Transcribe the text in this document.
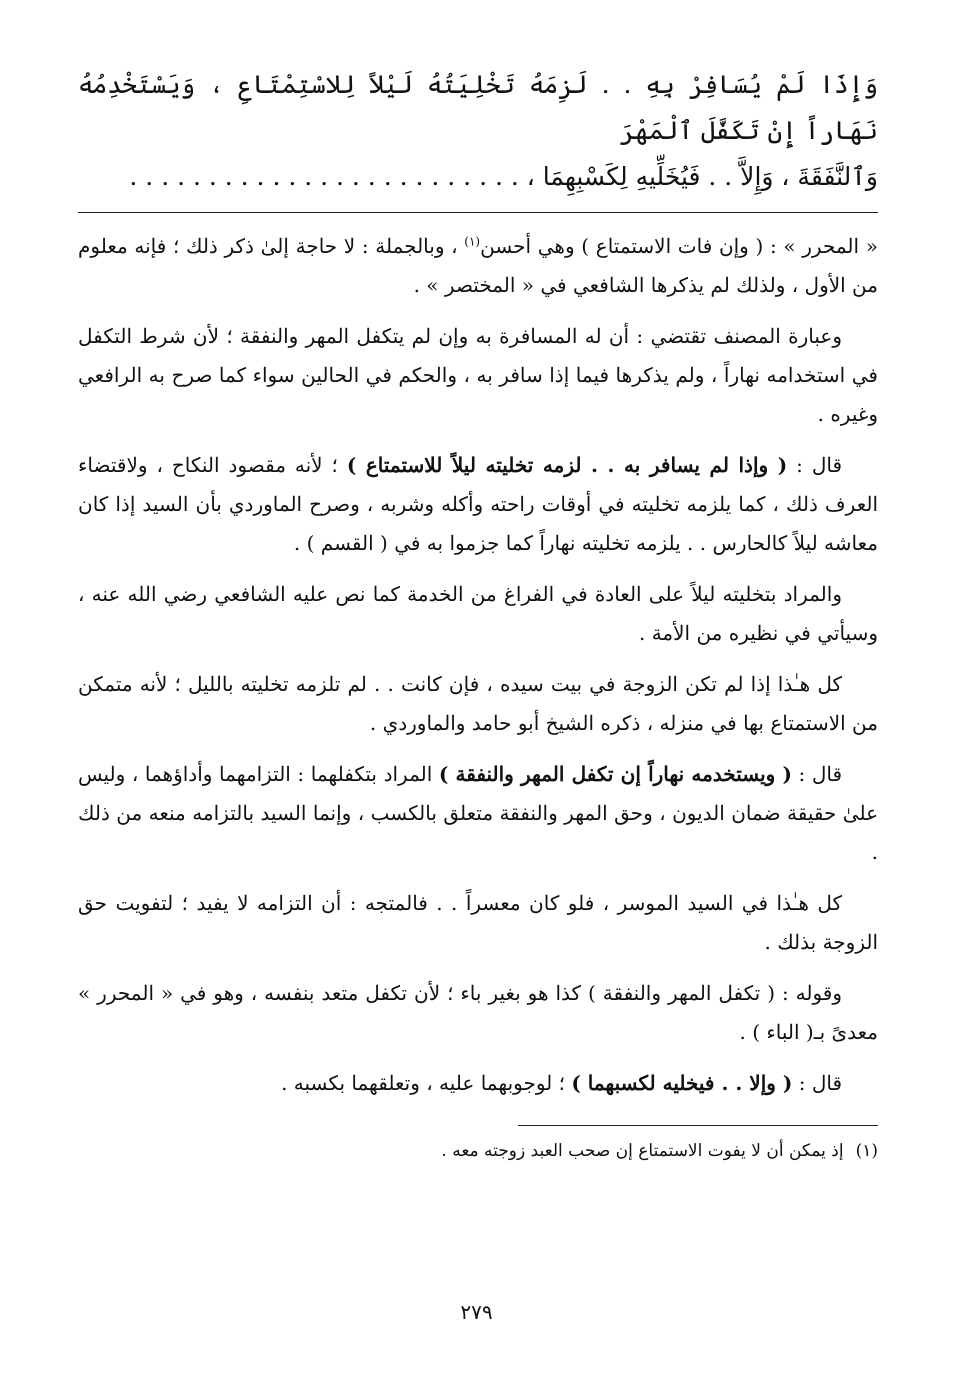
وَإِذَا لَمْ يُسَافِرْ بِهِ . . لَزِمَهُ تَخْلِيَتُهُ لَيْلاً لِلاسْتِمْتَاعِ ، وَيَسْتَخْدِمُهُ نَهَاراً إِنْ تَكَفَّلَ ٱلْمَهْرَ
وَٱلنَّفَقَةَ ، وَإِلاَّ . . فَيُخَلِّيهِ لِكَسْبِهِمَا ، . . . . . . . . . . . . . . . . . . . . . . . . .

« المحرر » : ( وإن فات الاستمتاع ) وهي أحسن$^{(١)}$ ، وبالجملة : لا حاجة إلىٰ ذكر ذلك ؛ فإنه معلوم من الأول ، ولذلك لم يذكرها الشافعي في « المختصر » .

وعبارة المصنف تقتضي : أن له المسافرة به وإن لم يتكفل المهر والنفقة ؛ لأن شرط التكفل في استخدامه نهاراً ، ولم يذكرها فيما إذا سافر به ، والحكم في الحالين سواء كما صرح به الرافعي وغيره .

قال : ( وإذا لم يسافر به . . لزمه تخليته ليلاً للاستمتاع ) ؛ لأنه مقصود النكاح ، ولاقتضاء العرف ذلك ، كما يلزمه تخليته في أوقات راحته وأكله وشربه ، وصرح الماوردي بأن السيد إذا كان معاشه ليلاً كالحارس . . يلزمه تخليته نهاراً كما جزموا به في ( القسم ) .

والمراد بتخليته ليلاً على العادة في الفراغ من الخدمة كما نص عليه الشافعي رضي الله عنه ، وسيأتي في نظيره من الأمة .

كل هـٰذا إذا لم تكن الزوجة في بيت سيده ، فإن كانت . . لم تلزمه تخليته بالليل ؛ لأنه متمكن من الاستمتاع بها في منزله ، ذكره الشيخ أبو حامد والماوردي .

قال : ( ويستخدمه نهاراً إن تكفل المهر والنفقة ) المراد بتكفلهما : التزامهما وأداؤهما ، وليس علىٰ حقيقة ضمان الديون ، وحق المهر والنفقة متعلق بالكسب ، وإنما السيد بالتزامه منعه من ذلك .

كل هـٰذا في السيد الموسر ، فلو كان معسراً . . فالمتجه : أن التزامه لا يفيد ؛ لتفويت حق الزوجة بذلك .

وقوله : ( تكفل المهر والنفقة ) كذا هو بغير باء ؛ لأن تكفل متعد بنفسه ، وهو في « المحرر » معدىً بـ( الباء ) .

قال : ( وإلا . . فيخليه لكسبهما ) ؛ لوجوبهما عليه ، وتعلقهما بكسبه .

(١)إذ يمكن أن لا يفوت الاستمتاع إن صحب العبد زوجته معه .

٢٧٩
